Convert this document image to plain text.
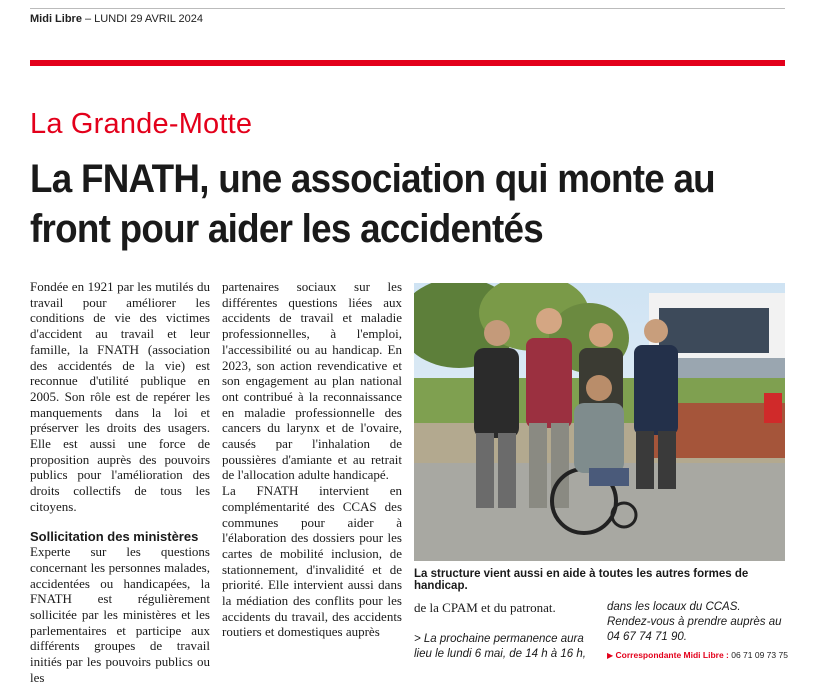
Midi Libre – LUNDI 29 AVRIL 2024
La Grande-Motte
La FNATH, une association qui monte au front pour aider les accidentés

Fondée en 1921 par les mutilés du travail pour améliorer les conditions de vie des victimes d'accident au travail et leur famille, la FNATH (association des accidentés de la vie) est reconnue d'utilité publique en 2005. Son rôle est de repérer les manquements dans la loi et préserver les droits des usagers. Elle est aussi une force de proposition auprès des pouvoirs publics pour l'amélioration des droits collectifs de tous les citoyens.

Sollicitation des ministères

Experte sur les questions concernant les personnes malades, accidentées ou handicapées, la FNATH est régulièrement sollicitée par les ministères et les parlementaires et participe aux différents groupes de travail initiés par les pouvoirs publics ou les

partenaires sociaux sur les différentes questions liées aux accidents de travail et maladie professionnelles, à l'emploi, l'accessibilité ou au handicap. En 2023, son action revendicative et son engagement au plan national ont contribué à la reconnaissance en maladie professionnelle des cancers du larynx et de l'ovaire, causés par l'inhalation de poussières d'amiante et au retrait de l'allocation adulte handicapé.

La FNATH intervient en complémentarité des CCAS des communes pour aider à l'élaboration des dossiers pour les cartes de mobilité inclusion, de stationnement, d'invalidité et de priorité. Elle intervient aussi dans la médiation des conflits pour les accidents du travail, des accidents routiers et domestiques auprès

La structure vient aussi en aide à toutes les autres formes de handicap.
de la CPAM et du patronat.
> La prochaine permanence aura lieu le lundi 6 mai, de 14 h à 16 h,
dans les locaux du CCAS. Rendez-vous à prendre auprès au 04 67 74 71 90.
▶ Correspondante Midi Libre : 06 71 09 73 75
